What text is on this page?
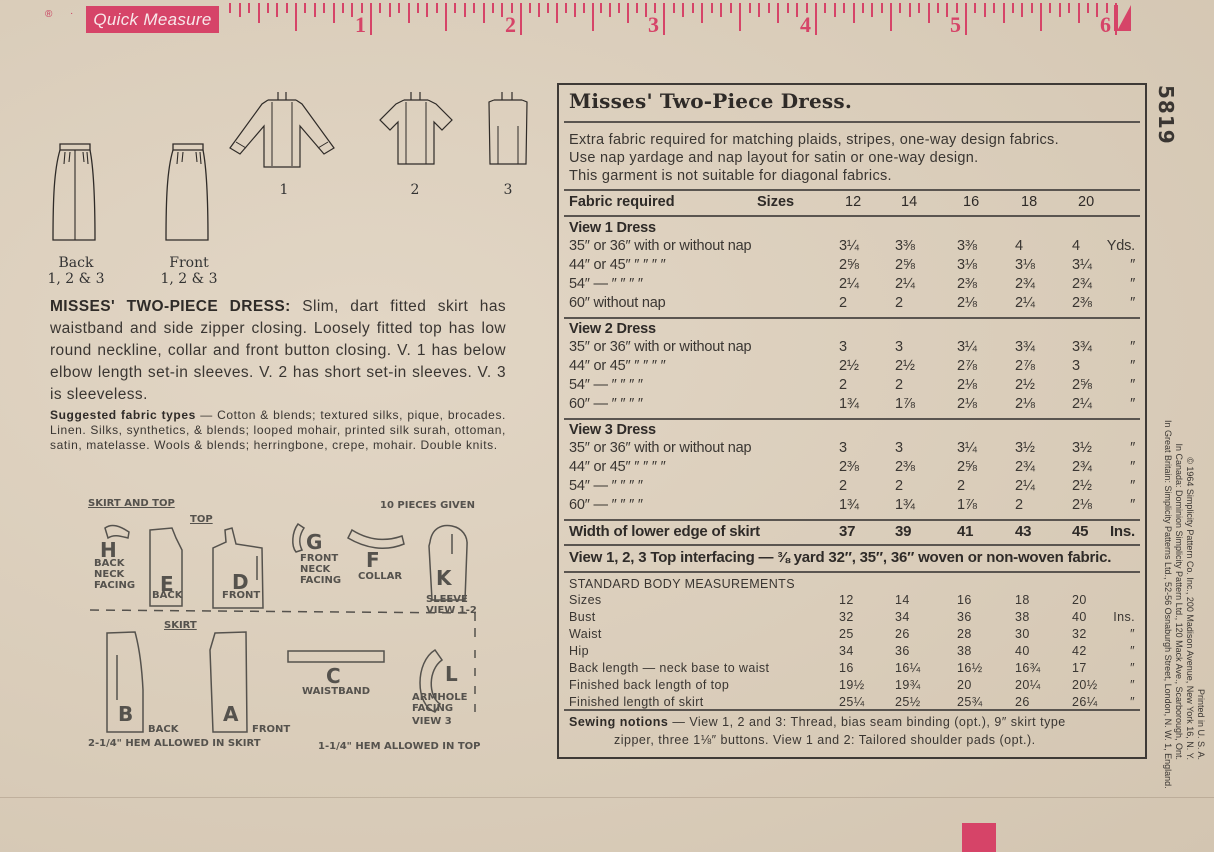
® ·	Quick Measure	1	2	3	4	5	6
Back
1, 2 & 3
Front
1, 2 & 3
1	2	3
MISSES' TWO-PIECE DRESS: Slim, dart fitted skirt has waistband and side zipper closing. Loosely fitted top has low round neckline, collar and front button closing. V. 1 has below elbow length set-in sleeves. V. 2 has short set-in sleeves. V. 3 is sleeveless.
Suggested fabric types — Cotton & blends; textured silks, pique, brocades. Linen. Silks, synthetics, & blends; looped mohair, printed silk surah, ottoman, satin, matelasse. Wools & blends; herringbone, crepe, mohair. Double knits.
SKIRT AND TOP	10 PIECES GIVEN
TOP
H
BACK NECK FACING	E
BACK
D
FRONT
G
FRONT NECK FACING
F
COLLAR K
SLEEVE
VIEW 1-2
SKIRT
B
BACK
A
FRONT
C
WAISTBAND
L
ARMHOLE FACING
VIEW 3
2-1/4" HEM ALLOWED IN SKIRT	1-1/4" HEM ALLOWED IN TOP
Misses' Two-Piece Dress.
Extra fabric required for matching plaids, stripes, one-way design fabrics.
Use nap yardage and nap layout for satin or one-way design.
This garment is not suitable for diagonal fabrics.
Fabric required	Sizes	12	14	16	18	20
View 1 Dress
35″ or 36″ with or without nap	3¼	3⅜	3⅜	4	4	Yds.
44″ or 45″ ″ ″ ″ ″	2⅝	2⅝	3⅛	3⅛	3¼	″
54″ — ″ ″ ″ ″	2¼	2¼	2⅜	2¾	2¾	″
60″ without nap	2	2	2⅛	2¼	2⅜	″
View 2 Dress
35″ or 36″ with or without nap	3	3	3¼	3¾	3¾	″
44″ or 45″ ″ ″ ″ ″	2½	2½	2⅞	2⅞	3	″
54″ — ″ ″ ″ ″	2	2	2⅛	2½	2⅝	″
60″ — ″ ″ ″ ″	1¾	1⅞	2⅛	2⅛	2¼	″
View 3 Dress
35″ or 36″ with or without nap	3	3	3¼	3½	3½	″
44″ or 45″ ″ ″ ″ ″	2⅜	2⅜	2⅝	2¾	2¾	″
54″ — ″ ″ ″ ″	2	2	2	2¼	2½	″
60″ — ″ ″ ″ ″	1¾	1¾	1⅞	2	2⅛	″
Width of lower edge of skirt	37	39	41	43	45	Ins.
View 1, 2, 3 Top interfacing — ⅜ yard 32″, 35″, 36″ woven or non-woven fabric.
STANDARD BODY MEASUREMENTS
Sizes	12	14	16	18	20
Bust	32	34	36	38	40	Ins.
Waist	25	26	28	30	32	″
Hip	34	36	38	40	42	″
Back length — neck base to waist	16	16¼	16½	16¾	17	″
Finished back length of top	19½	19¾	20	20¼	20½	″
Finished length of skirt	25¼	25½	25¾	26	26¼	″
Sewing notions — View 1, 2 and 3: Thread, bias seam binding (opt.), 9″ skirt type
zipper, three 1⅛″ buttons. View 1 and 2: Tailored shoulder pads (opt.).
5819
Printed in U. S. A.
© 1964 Simplicity Pattern Co. Inc., 200 Madison Avenue, New York 16, N. Y.
In Canada: Dominion Simplicity Pattern Ltd., 120 Mack Ave., Scarborough, Ont.
In Great Britain: Simplicity Patterns Ltd., 52-56 Osnaburgh Street, London, N. W. 1, England.
